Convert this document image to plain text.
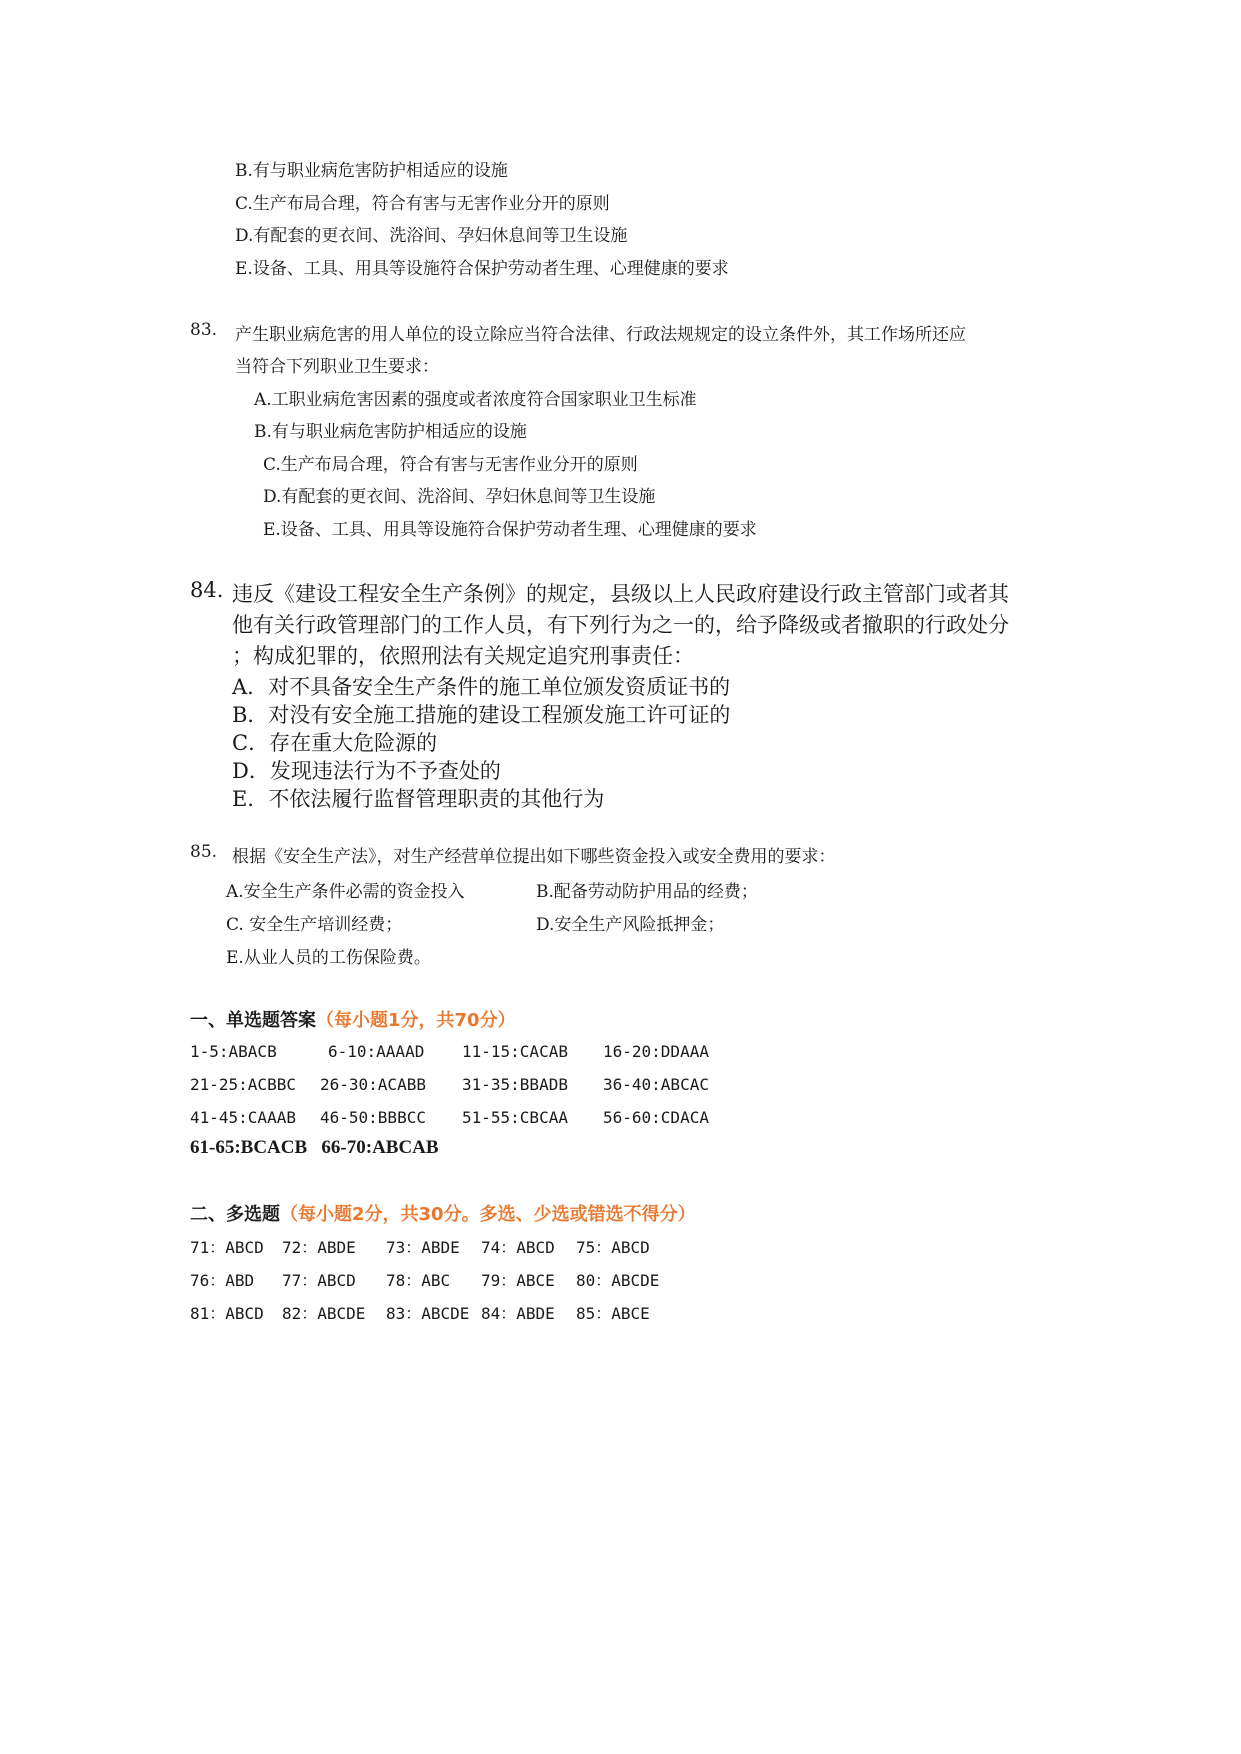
B.有与职业病危害防护相适应的设施
C.生产布局合理，符合有害与无害作业分开的原则
D.有配套的更衣间、洗浴间、孕妇休息间等卫生设施
E.设备、工具、用具等设施符合保护劳动者生理、心理健康的要求
83. 产生职业病危害的用人单位的设立除应当符合法律、行政法规规定的设立条件外，其工作场所还应
当符合下列职业卫生要求：
A.工职业病危害因素的强度或者浓度符合国家职业卫生标准
B.有与职业病危害防护相适应的设施
C.生产布局合理，符合有害与无害作业分开的原则
D.有配套的更衣间、洗浴间、孕妇休息间等卫生设施
E.设备、工具、用具等设施符合保护劳动者生理、心理健康的要求
84. 违反《建设工程安全生产条例》的规定，县级以上人民政府建设行政主管部门或者其
他有关行政管理部门的工作人员，有下列行为之一的，给予降级或者撤职的行政处分
；构成犯罪的，依照刑法有关规定追究刑事责任：
A．对不具备安全生产条件的施工单位颁发资质证书的
B．对没有安全施工措施的建设工程颁发施工许可证的
C．存在重大危险源的
D．发现违法行为不予查处的
E．不依法履行监督管理职责的其他行为
85. 根据《安全生产法》，对生产经营单位提出如下哪些资金投入或安全费用的要求：
A.安全生产条件必需的资金投入	B.配备劳动防护用品的经费；
C. 安全生产培训经费；	D.安全生产风险抵押金；
E.从业人员的工伤保险费。
一、单选题答案（每小题1分，共70分）
1-5:ABACB	6-10:AAAAD 11-15:CACAB 16-20:DDAAA
21-25:ACBBC 26-30:ACABB 31-35:BBADB 36-40:ABCAC
41-45:CAAAB 46-50:BBBCC 51-55:CBCAA 56-60:CDACA
61-65:BCACB   66-70:ABCAB
二、多选题（每小题2分，共30分。多选、少选或错选不得分）
71：ABCD 72：ABDE 73：ABDE 74：ABCD 75：ABCD
76：ABD 77：ABCD 78：ABC 79：ABCE 80：ABCDE
81：ABCD 82：ABCDE 83：ABCDE 84：ABDE 85：ABCE
